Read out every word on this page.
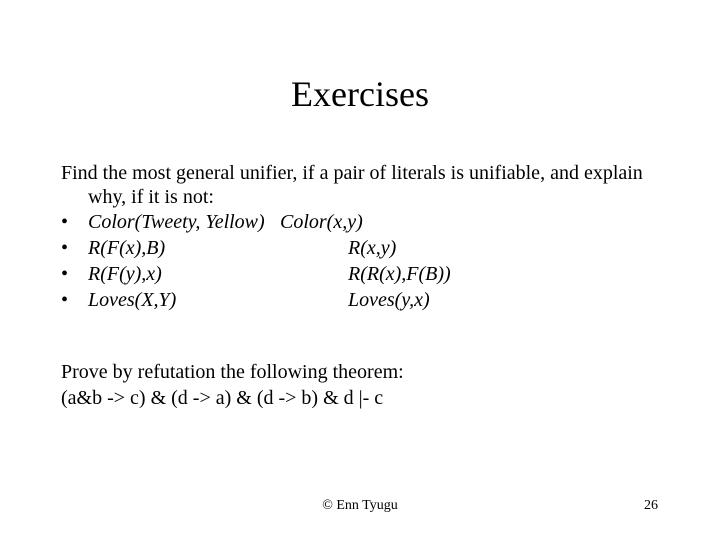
Exercises
Find the most general unifier, if a pair of literals is unifiable, and explain
why, if it is not:
• Color(Tweety, Yellow) Color(x,y)
• R(F(x),B)	R(x,y)
• R(F(y),x)	R(R(x),F(B))
• Loves(X,Y)	Loves(y,x)
Prove by refutation the following theorem:
(a&b -> c) & (d -> a) & (d -> b) & d |- c
© Enn Tyugu	26
